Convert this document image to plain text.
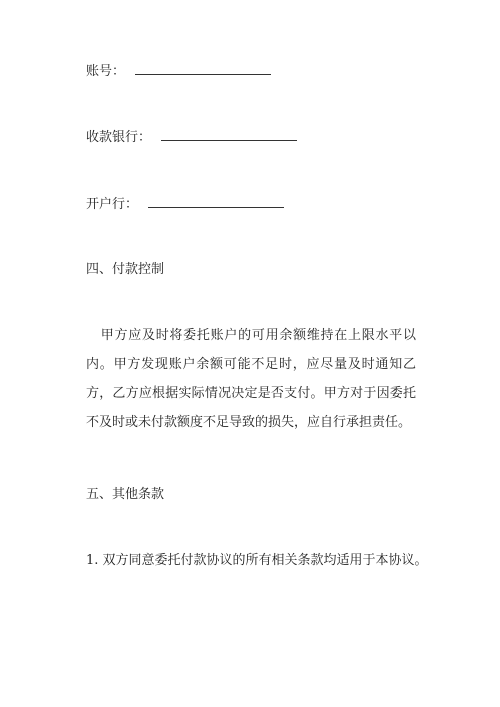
账号：
收款银行：
开户行：
四、付款控制
甲方应及时将委托账户的可用余额维持在上限水平以内。甲方发现账户余额可能不足时，应尽量及时通知乙方，乙方应根据实际情况决定是否支付。甲方对于因委托不及时或未付款额度不足导致的损失，应自行承担责任。
五、其他条款
1. 双方同意委托付款协议的所有相关条款均适用于本协议。
